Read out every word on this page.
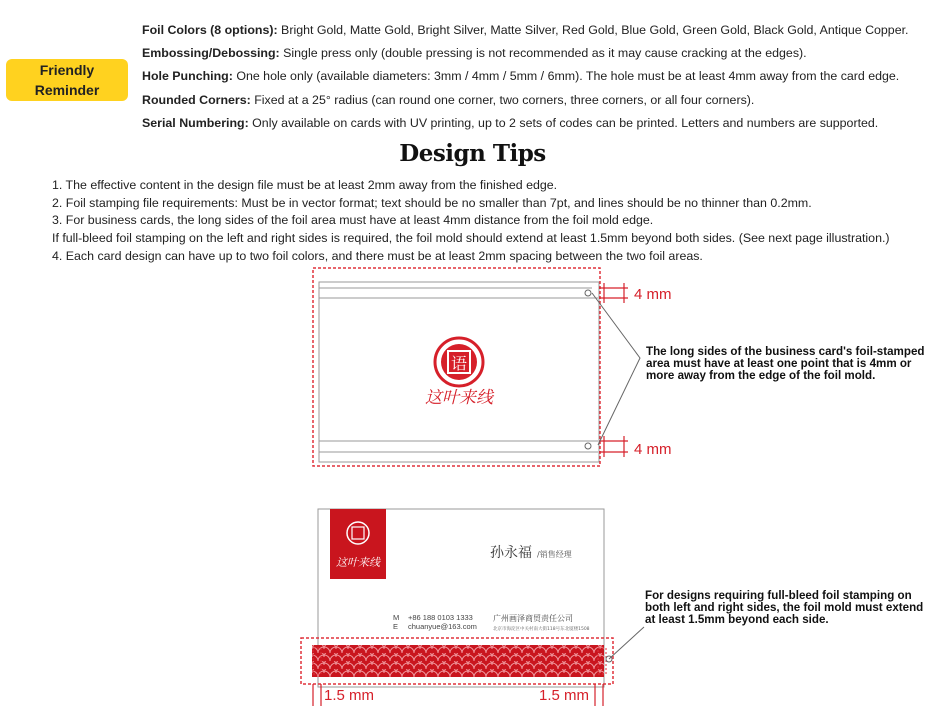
Friendly
Reminder
Foil Colors (8 options): Bright Gold, Matte Gold, Bright Silver, Matte Silver, Red Gold, Blue Gold, Green Gold, Black Gold, Antique Copper.
Embossing/Debossing: Single press only (double pressing is not recommended as it may cause cracking at the edges).
Hole Punching: One hole only (available diameters: 3mm / 4mm / 5mm / 6mm). The hole must be at least 4mm away from the card edge.
Rounded Corners: Fixed at a 25° radius (can round one corner, two corners, three corners, or all four corners).
Serial Numbering: Only available on cards with UV printing, up to 2 sets of codes can be printed. Letters and numbers are supported.
Design Tips
1. The effective content in the design file must be at least 2mm away from the finished edge.
2. Foil stamping file requirements: Must be in vector format; text should be no smaller than 7pt, and lines should be no thinner than 0.2mm.
3. For business cards, the long sides of the foil area must have at least 4mm distance from the foil mold edge.
If full-bleed foil stamping on the left and right sides is required, the foil mold should extend at least 1.5mm beyond both sides. (See next page illustration.)
4. Each card design can have up to two foil colors, and there must be at least 2mm spacing between the two foil areas.
4 mm
4 mm
语
这叶来线
这叶来线
孙永福 /销售经理
M
E
+86 188 0103 1333
chuanyue@163.com
广州画泽商贸责任公司
北京市海淀区中关村南大街118号东北厦楼1508
1.5 mm	1.5 mm
The long sides of the business card's foil-stamped area must have at least one point that is 4mm or more away from the edge of the foil mold.
For designs requiring full-bleed foil stamping on both left and right sides, the foil mold must extend at least 1.5mm beyond each side.
